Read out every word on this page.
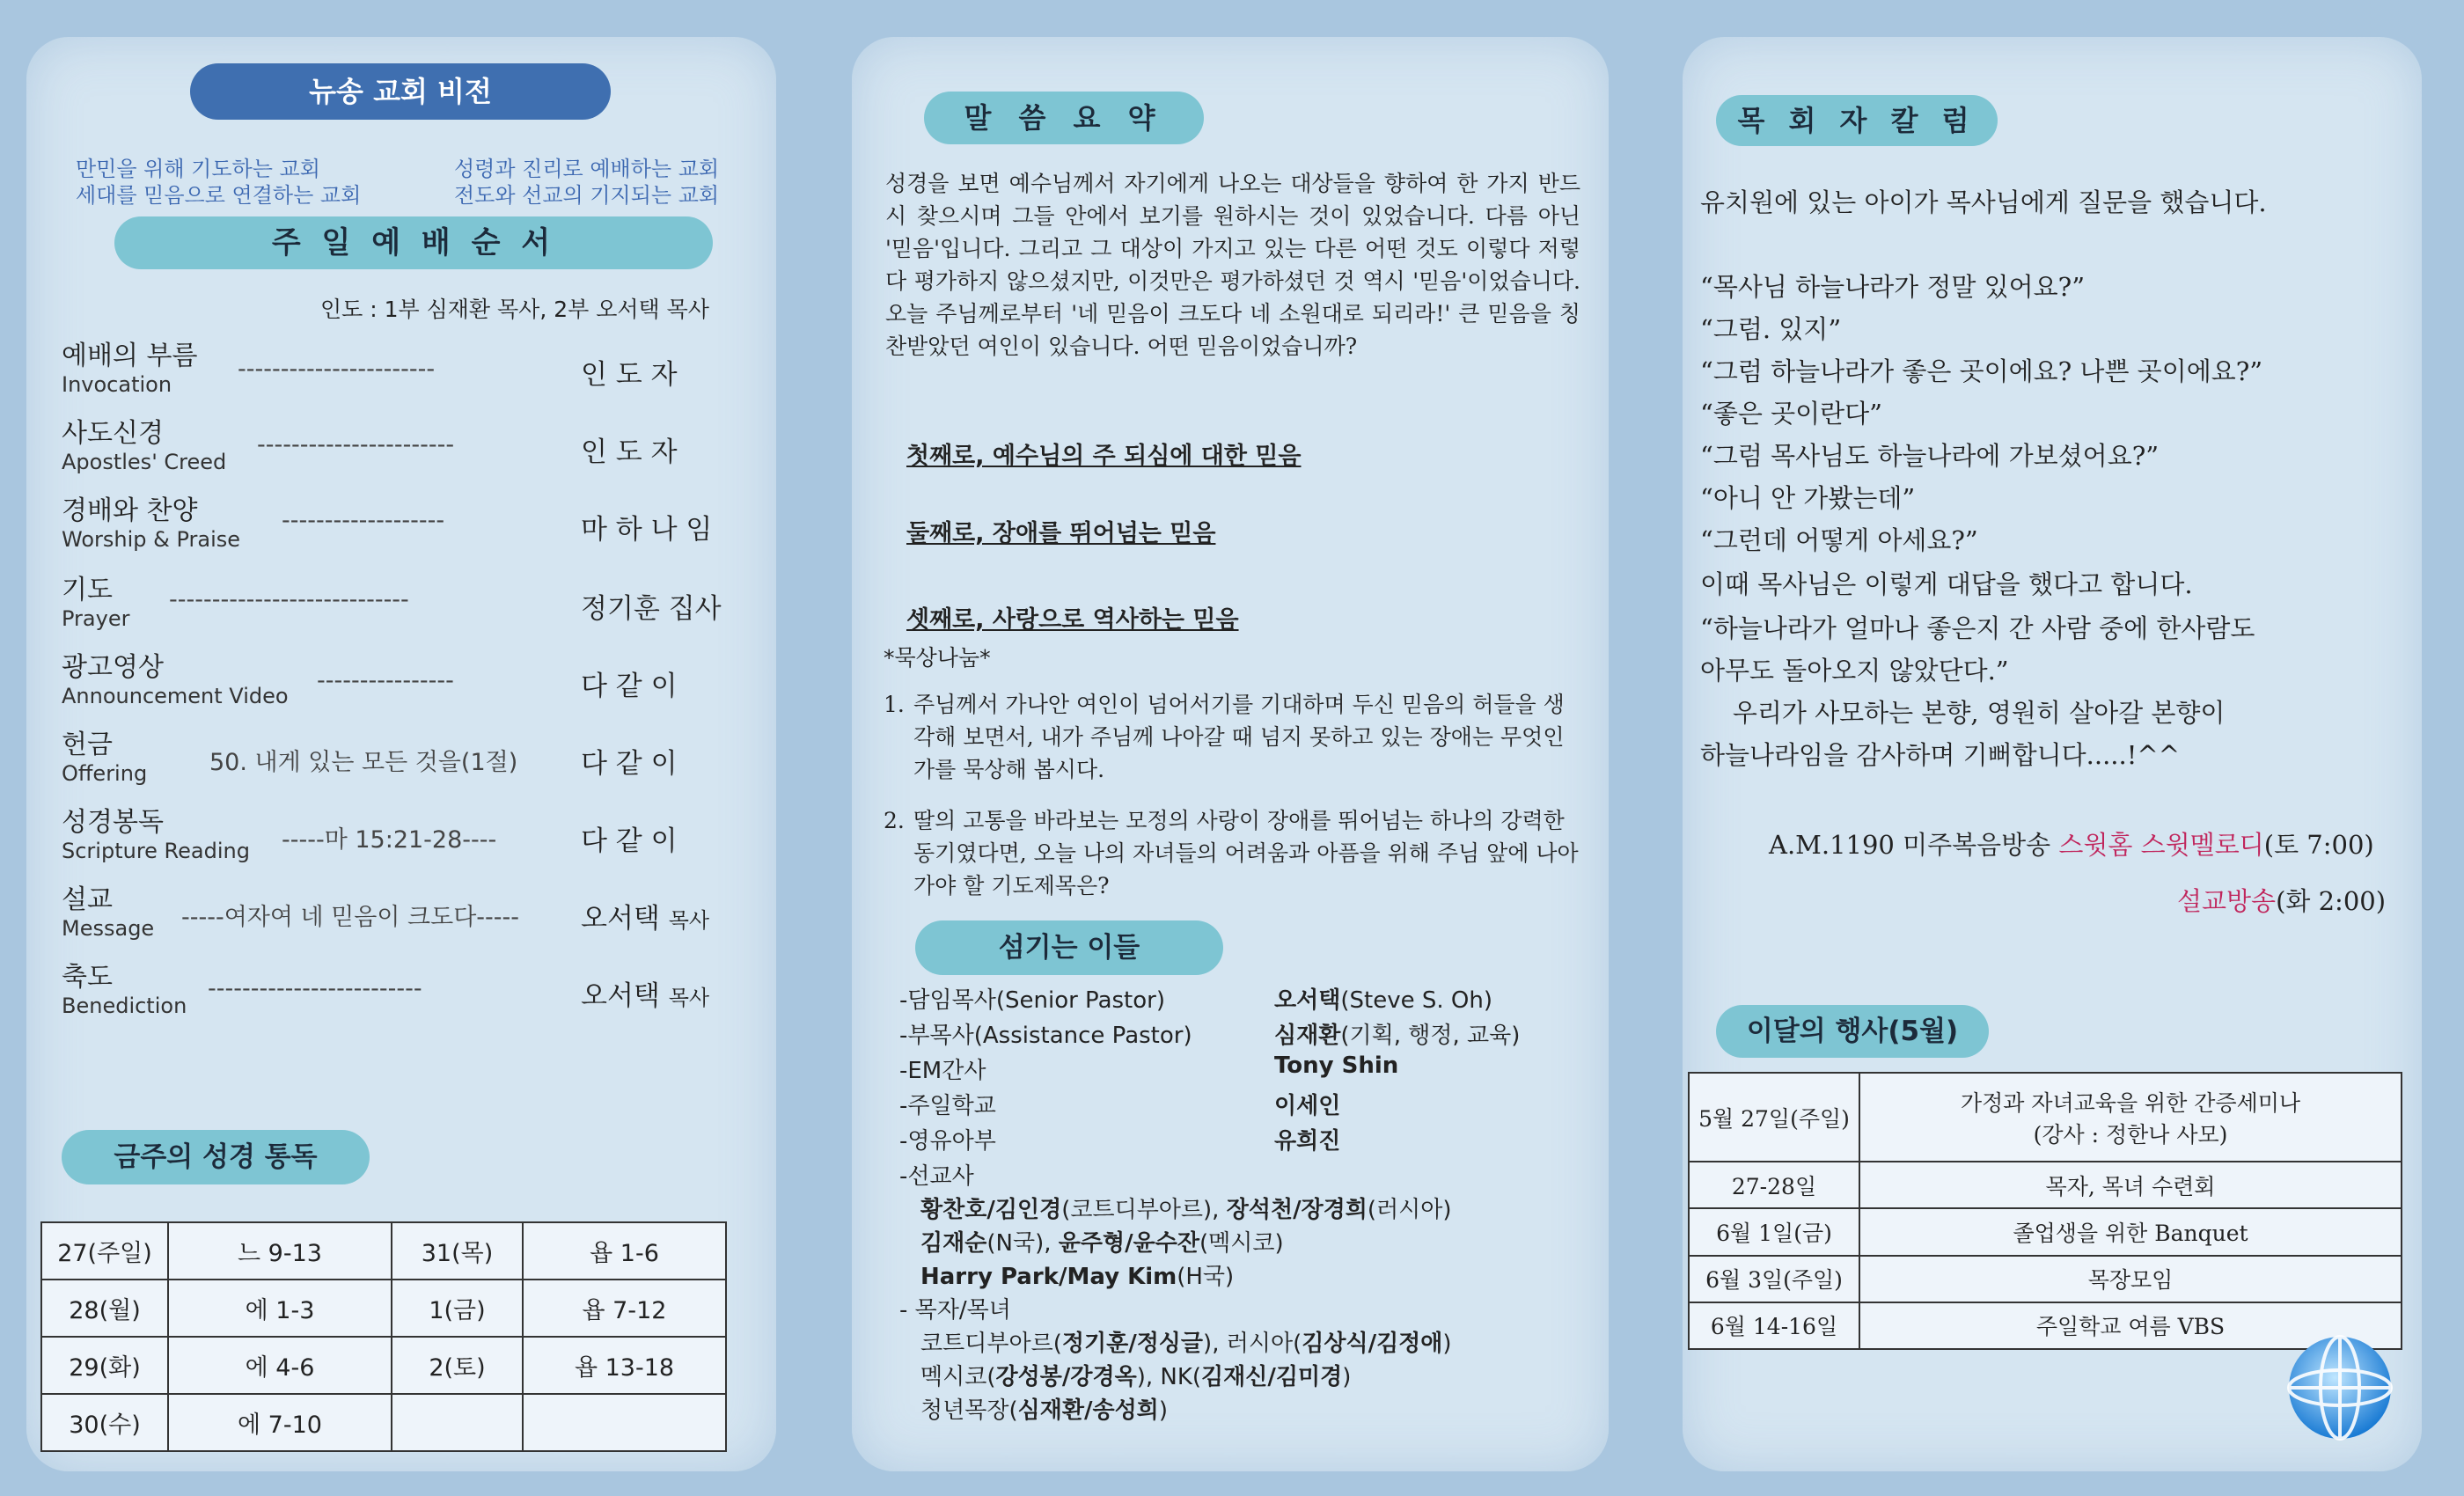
뉴송 교회 비전
만민을 위해 기도하는 교회
세대를 믿음으로 연결하는 교회
성령과 진리로 예배하는 교회
전도와 선교의 기지되는 교회
주 일 예 배 순 서
인도 : 1부 심재환 목사, 2부 오서택 목사
예배의 부름
Invocation
-----------------------	인 도 자
사도신경
Apostles' Creed
-----------------------	인 도 자
경배와 찬양
Worship & Praise
-------------------	마 하 나 임
기도
Prayer
----------------------------	정기훈 집사
광고영상
Announcement Video
----------------	다 같 이
헌금
Offering	50. 내게 있는 모든 것을(1절) 다 같 이
성경봉독
Scripture Reading -----마 15:21-28----	다 같 이
설교
Message -----여자여 네 믿음이 크도다----- 오서택 목사
축도
Benediction
-------------------------	오서택 목사
금주의 성경 통독
27(주일)	느 9-13	31(목)	욥 1-6
28(월)	에 1-3	1(금)	욥 7-12
29(화)	에 4-6	2(토)	욥 13-18
30(수)	에 7-10		
말 씀 요 약
성경을 보면 예수님께서 자기에게 나오는 대상들을 향하여 한 가지 반드시 찾으시며 그들 안에서 보기를 원하시는 것이 있었습니다. 다름 아닌 '믿음'입니다. 그리고 그 대상이 가지고 있는 다른 어떤 것도 이렇다 저렇다 평가하지 않으셨지만, 이것만은 평가하셨던 것 역시 '믿음'이었습니다. 오늘 주님께로부터 '네 믿음이 크도다 네 소원대로 되리라!' 큰 믿음을 칭찬받았던 여인이 있습니다. 어떤 믿음이었습니까?
첫째로, 예수님의 주 되심에 대한 믿음
둘째로, 장애를 뛰어넘는 믿음
셋째로, 사랑으로 역사하는 믿음
*묵상나눔*
1. 주님께서 가나안 여인이 넘어서기를 기대하며 두신 믿음의 허들을 생각해 보면서, 내가 주님께 나아갈 때 넘지 못하고 있는 장애는 무엇인가를 묵상해 봅시다.
2. 딸의 고통을 바라보는 모정의 사랑이 장애를 뛰어넘는 하나의 강력한 동기였다면, 오늘 나의 자녀들의 어려움과 아픔을 위해 주님 앞에 나아가야 할 기도제목은?
섬기는 이들
-담임목사(Senior Pastor)	오서택(Steve S. Oh)
-부목사(Assistance Pastor)	심재환(기획, 행정, 교육)
-EM간사	Tony Shin
-주일학교	이세인
-영유아부	유희진
-선교사
황찬호/김인경(코트디부아르), 장석천/장경희(러시아)
김재순(N국), 윤주형/윤수잔(멕시코)
Harry Park/May Kim(H국)
- 목자/목녀
코트디부아르(정기훈/정싱글), 러시아(김상식/김정애)
멕시코(강성봉/강경옥), NK(김재신/김미경)
청년목장(심재환/송성희)
목 회 자 칼 럼
유치원에 있는 아이가 목사님에게 질문을 했습니다.
“목사님 하늘나라가 정말 있어요?”
“그럼. 있지”
“그럼 하늘나라가 좋은 곳이에요? 나쁜 곳이에요?”
“좋은 곳이란다”
“그럼 목사님도 하늘나라에 가보셨어요?”
“아니 안 가봤는데”
“그런데 어떻게 아세요?”
이때 목사님은 이렇게 대답을 했다고 합니다.
“하늘나라가 얼마나 좋은지 간 사람 중에 한사람도
아무도 돌아오지 않았단다.”
우리가 사모하는 본향, 영원히 살아갈 본향이
하늘나라임을 감사하며 기뻐합니다.....!^^
A.M.1190 미주복음방송 스윗홈 스윗멜로디(토 7:00)
설교방송(화 2:00)
이달의 행사(5월)
5월 27일(주일)	가정과 자녀교육을 위한 간증세미나
(강사 : 정한나 사모)
27-28일	목자, 목녀 수련회
6월 1일(금)	졸업생을 위한 Banquet
6월 3일(주일)	목장모임
6월 14-16일	주일학교 여름 VBS
